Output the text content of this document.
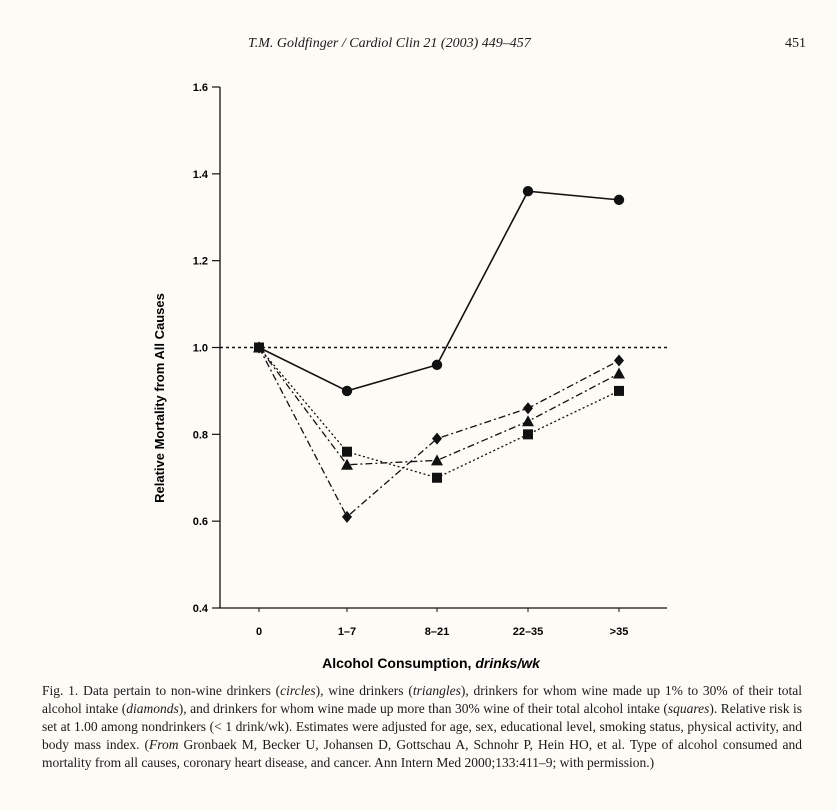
T.M. Goldfinger / Cardiol Clin 21 (2003) 449–457	451
0.4
0.6
0.8
1.0
1.2
1.4
1.6
0	1–7	8–21	22–35	>35
Relative Mortality from All Causes
Alcohol Consumption, drinks/wk
Fig. 1. Data pertain to non-wine drinkers (circles), wine drinkers (triangles), drinkers for whom wine made up 1% to 30% of their total alcohol intake (diamonds), and drinkers for whom wine made up more than 30% wine of their total alcohol intake (squares). Relative risk is set at 1.00 among nondrinkers (< 1 drink/wk). Estimates were adjusted for age, sex, educational level, smoking status, physical activity, and body mass index. (From Gronbaek M, Becker U, Johansen D, Gottschau A, Schnohr P, Hein HO, et al. Type of alcohol consumed and mortality from all causes, coronary heart disease, and cancer. Ann Intern Med 2000;133:411–9; with permission.)
